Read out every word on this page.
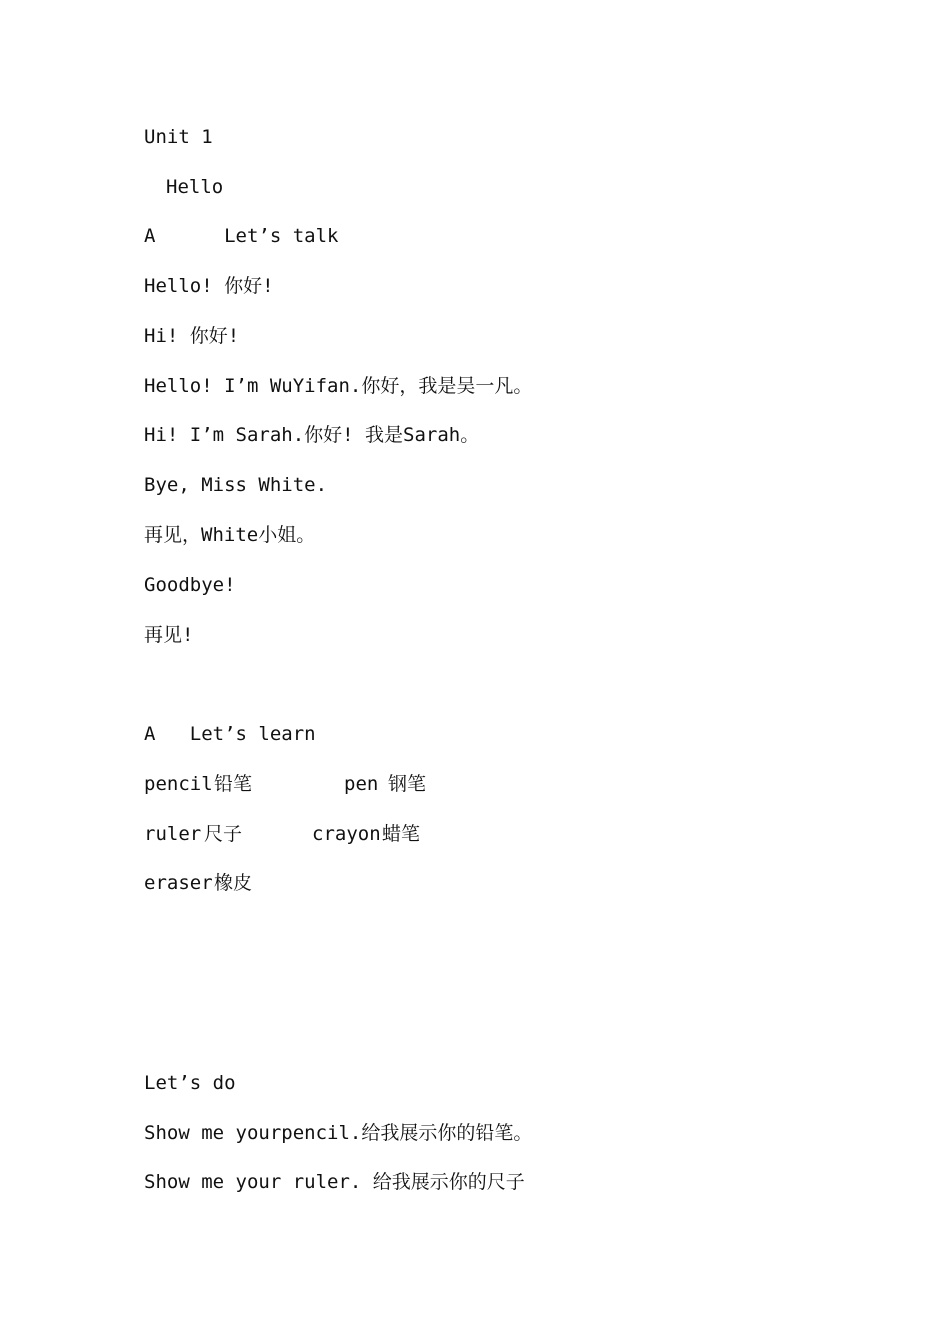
Unit 1
Hello
A      Let’s talk
Hello! 你好!
Hi! 你好!
Hello! I’m WuYifan.你好，我是吴一凡。
Hi! I’m Sarah.你好! 我是Sarah。
Bye, Miss White.
再见，White小姐。
Goodbye!
再见!
A   Let’s learn
pencil 铅笔	pen 钢笔
ruler 尺子	crayon 蜡笔
eraser 橡皮
Let’s do
Show me yourpencil.给我展示你的铅笔。
Show me your ruler. 给我展示你的尺子
